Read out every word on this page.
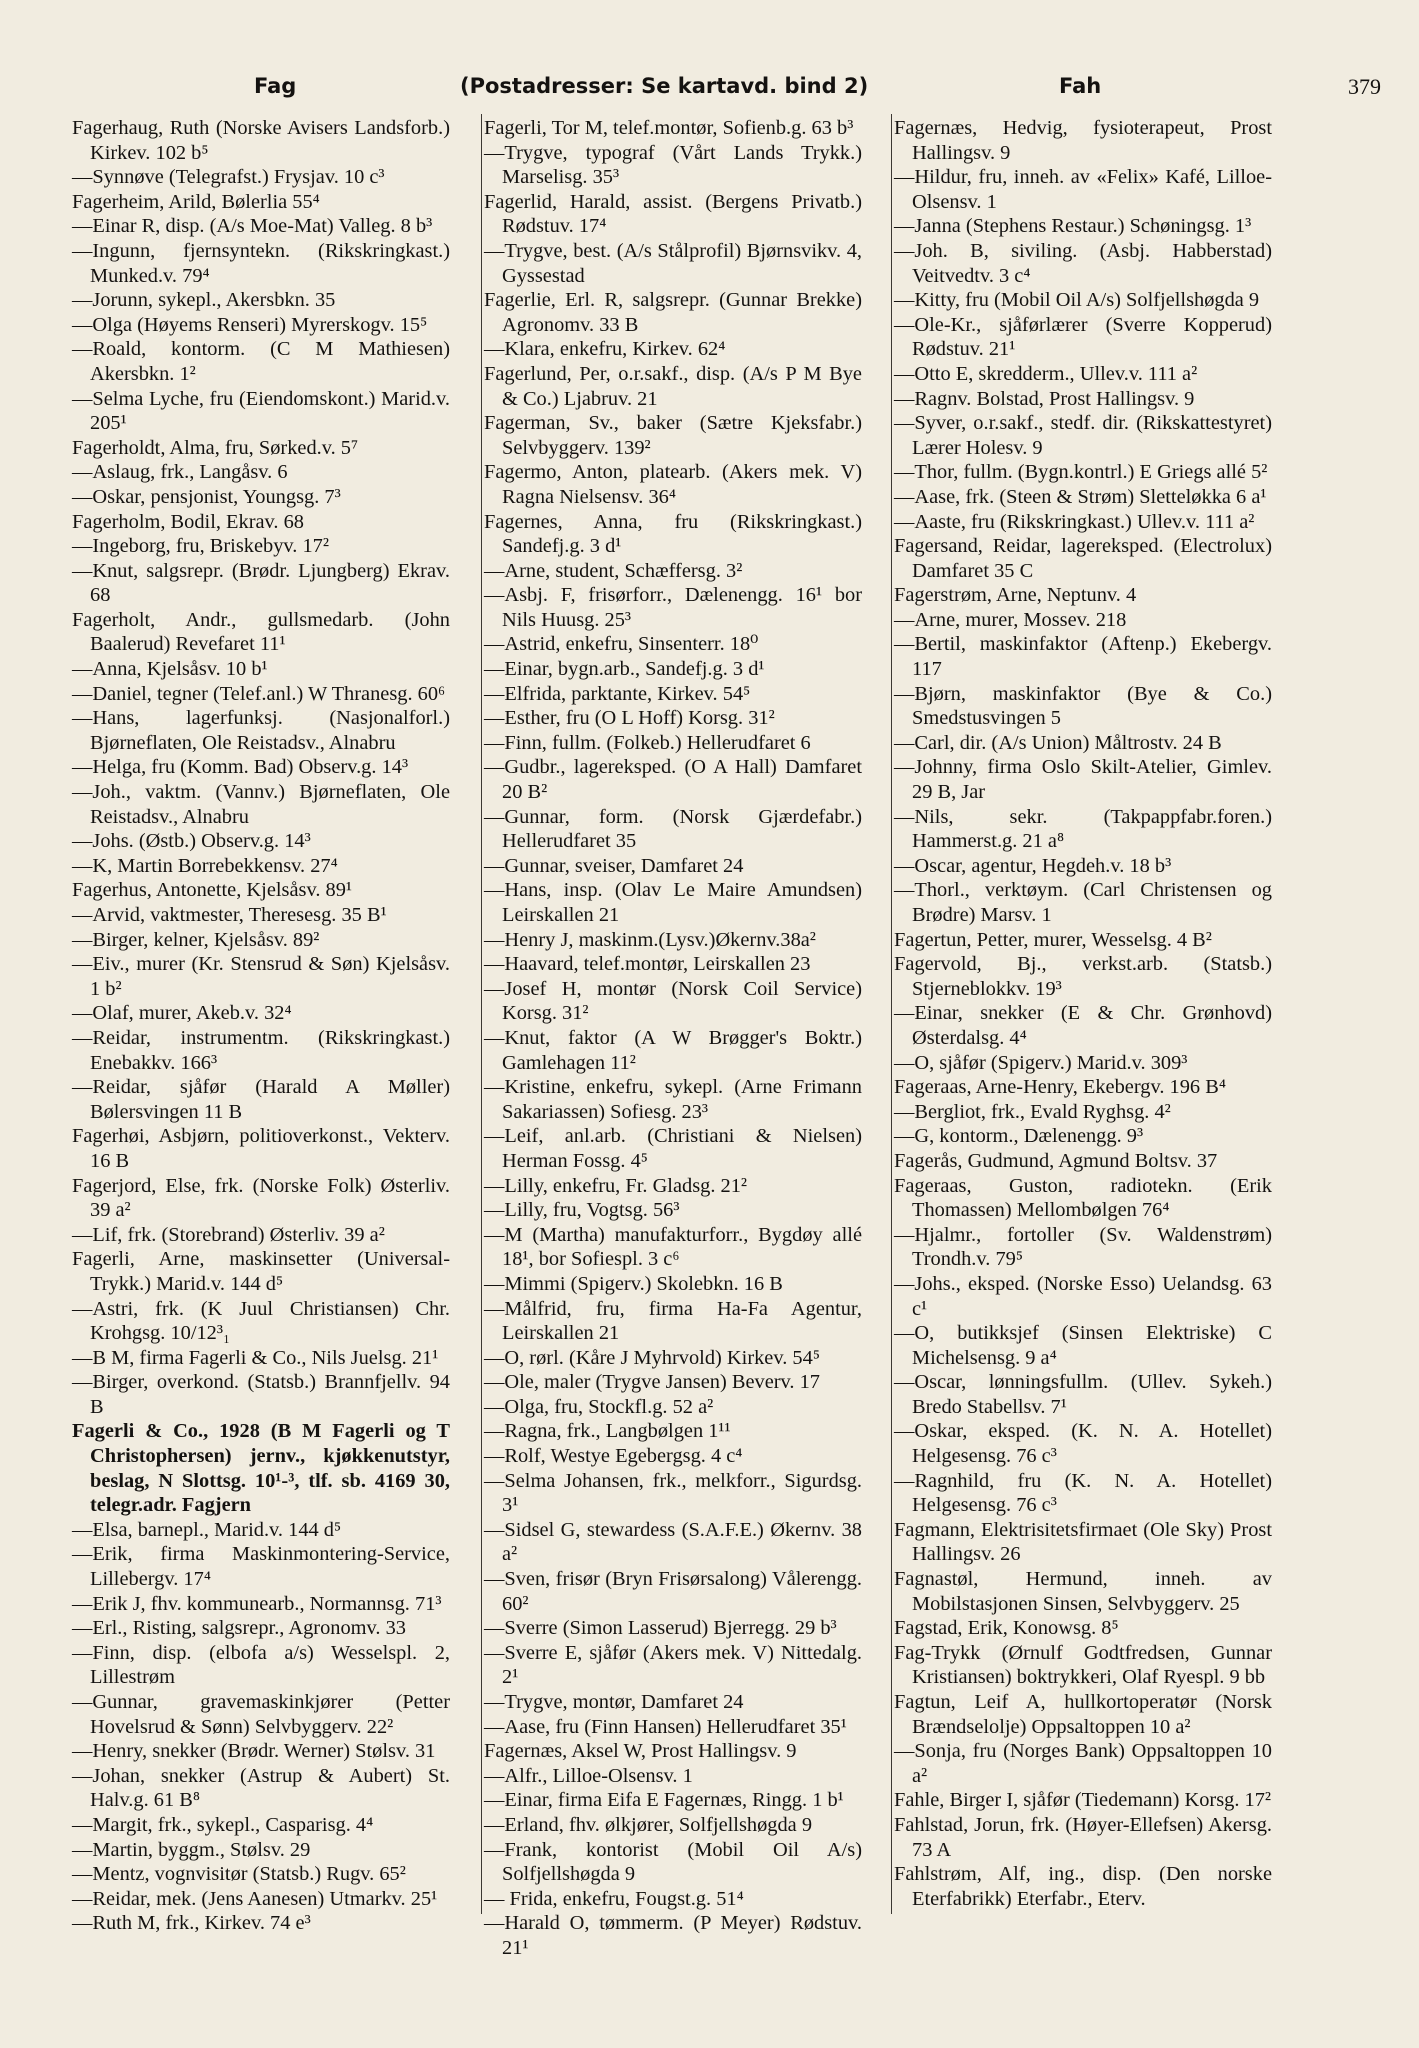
Fag	(Postadresser: Se kartavd. bind 2)	Fah	379
Fagerhaug, Ruth (Norske Avisers Landsforb.) Kirkev. 102 b⁵
—Synnøve (Telegrafst.) Frysjav. 10 c³
Fagerheim, Arild, Bølerlia 55⁴
—Einar R, disp. (A/s Moe-Mat) Valleg. 8 b³
—Ingunn, fjernsyntekn. (Rikskringkast.) Munked.v. 79⁴
—Jorunn, sykepl., Akersbkn. 35
—Olga (Høyems Renseri) Myrerskogv. 15⁵
—Roald, kontorm. (C M Mathiesen) Akersbkn. 1²
—Selma Lyche, fru (Eiendomskont.) Marid.v. 205¹
Fagerholdt, Alma, fru, Sørked.v. 5⁷
—Aslaug, frk., Langåsv. 6
—Oskar, pensjonist, Youngsg. 7³
Fagerholm, Bodil, Ekrav. 68
—Ingeborg, fru, Briskebyv. 17²
—Knut, salgsrepr. (Brødr. Ljungberg) Ekrav. 68
Fagerholt, Andr., gullsmedarb. (John Baalerud) Revefaret 11¹
—Anna, Kjelsåsv. 10 b¹
—Daniel, tegner (Telef.anl.) W Thranesg. 60⁶
—Hans, lagerfunksj. (Nasjonalforl.) Bjørneflaten, Ole Reistadsv., Alnabru
—Helga, fru (Komm. Bad) Observ.g. 14³
—Joh., vaktm. (Vannv.) Bjørneflaten, Ole Reistadsv., Alnabru
—Johs. (Østb.) Observ.g. 14³
—K, Martin Borrebekkensv. 27⁴
Fagerhus, Antonette, Kjelsåsv. 89¹
—Arvid, vaktmester, Theresesg. 35 B¹
—Birger, kelner, Kjelsåsv. 89²
—Eiv., murer (Kr. Stensrud & Søn) Kjelsåsv. 1 b²
—Olaf, murer, Akeb.v. 32⁴
—Reidar, instrumentm. (Rikskringkast.) Enebakkv. 166³
—Reidar, sjåfør (Harald A Møller) Bølersvingen 11 B
Fagerhøi, Asbjørn, politioverkonst., Vekterv. 16 B
Fagerjord, Else, frk. (Norske Folk) Østerliv. 39 a²
—Lif, frk. (Storebrand) Østerliv. 39 a²
Fagerli, Arne, maskinsetter (Universal-Trykk.) Marid.v. 144 d⁵
—Astri, frk. (K Juul Christiansen) Chr. Krohgsg. 10/12³₁
—B M, firma Fagerli & Co., Nils Juelsg. 21¹
—Birger, overkond. (Statsb.) Brannfjellv. 94 B
Fagerli & Co., 1928 (B M Fagerli og T Christophersen) jernv., kjøkkenutstyr, beslag, N Slottsg. 10¹-³, tlf. sb. 4169 30, telegr.adr. Fagjern
—Elsa, barnepl., Marid.v. 144 d⁵
—Erik, firma Maskinmontering-Service, Lillebergv. 17⁴
—Erik J, fhv. kommunearb., Normannsg. 71³
—Erl., Risting, salgsrepr., Agronomv. 33
—Finn, disp. (elbofa a/s) Wesselspl. 2, Lillestrøm
—Gunnar, gravemaskinkjører (Petter Hovelsrud & Sønn) Selvbyggerv. 22²
—Henry, snekker (Brødr. Werner) Stølsv. 31
—Johan, snekker (Astrup & Aubert) St. Halv.g. 61 B⁸
—Margit, frk., sykepl., Casparisg. 4⁴
—Martin, byggm., Stølsv. 29
—Mentz, vognvisitør (Statsb.) Rugv. 65²
—Reidar, mek. (Jens Aanesen) Utmarkv. 25¹
—Ruth M, frk., Kirkev. 74 e³
Fagerli, Tor M, telef.montør, Sofienb.g. 63 b³
—Trygve, typograf (Vårt Lands Trykk.) Marselisg. 35³
Fagerlid, Harald, assist. (Bergens Privatb.) Rødstuv. 17⁴
—Trygve, best. (A/s Stålprofil) Bjørnsvikv. 4, Gyssestad
Fagerlie, Erl. R, salgsrepr. (Gunnar Brekke) Agronomv. 33 B
—Klara, enkefru, Kirkev. 62⁴
Fagerlund, Per, o.r.sakf., disp. (A/s P M Bye & Co.) Ljabruv. 21
Fagerman, Sv., baker (Sætre Kjeksfabr.) Selvbyggerv. 139²
Fagermo, Anton, platearb. (Akers mek. V) Ragna Nielsensv. 36⁴
Fagernes, Anna, fru (Rikskringkast.) Sandefj.g. 3 d¹
—Arne, student, Schæffersg. 3²
—Asbj. F, frisørforr., Dælenengg. 16¹ bor Nils Huusg. 25³
—Astrid, enkefru, Sinsenterr. 18⁰
—Einar, bygn.arb., Sandefj.g. 3 d¹
—Elfrida, parktante, Kirkev. 54⁵
—Esther, fru (O L Hoff) Korsg. 31²
—Finn, fullm. (Folkeb.) Hellerudfaret 6
—Gudbr., lagereksped. (O A Hall) Damfaret 20 B²
—Gunnar, form. (Norsk Gjærdefabr.) Hellerudfaret 35
—Gunnar, sveiser, Damfaret 24
—Hans, insp. (Olav Le Maire Amundsen) Leirskallen 21
—Henry J, maskinm.(Lysv.)Økernv.38a²
—Haavard, telef.montør, Leirskallen 23
—Josef H, montør (Norsk Coil Service) Korsg. 31²
—Knut, faktor (A W Brøgger's Boktr.) Gamlehagen 11²
—Kristine, enkefru, sykepl. (Arne Frimann Sakariassen) Sofiesg. 23³
—Leif, anl.arb. (Christiani & Nielsen) Herman Fossg. 4⁵
—Lilly, enkefru, Fr. Gladsg. 21²
—Lilly, fru, Vogtsg. 56³
—M (Martha) manufakturforr., Bygdøy allé 18¹, bor Sofiespl. 3 c⁶
—Mimmi (Spigerv.) Skolebkn. 16 B
—Målfrid, fru, firma Ha-Fa Agentur, Leirskallen 21
—O, rørl. (Kåre J Myhrvold) Kirkev. 54⁵
—Ole, maler (Trygve Jansen) Beverv. 17
—Olga, fru, Stockfl.g. 52 a²
—Ragna, frk., Langbølgen 1¹¹
—Rolf, Westye Egebergsg. 4 c⁴
—Selma Johansen, frk., melkforr., Sigurdsg. 3¹
—Sidsel G, stewardess (S.A.F.E.) Økernv. 38 a²
—Sven, frisør (Bryn Frisørsalong) Vålerengg. 60²
—Sverre (Simon Lasserud) Bjerregg. 29 b³
—Sverre E, sjåfør (Akers mek. V) Nittedalg. 2¹
—Trygve, montør, Damfaret 24
—Aase, fru (Finn Hansen) Hellerudfaret 35¹
Fagernæs, Aksel W, Prost Hallingsv. 9
—Alfr., Lilloe-Olsensv. 1
—Einar, firma Eifa E Fagernæs, Ringg. 1 b¹
—Erland, fhv. ølkjører, Solfjellshøgda 9
—Frank, kontorist (Mobil Oil A/s) Solfjellshøgda 9
— Frida, enkefru, Fougst.g. 51⁴
—Harald O, tømmerm. (P Meyer) Rødstuv. 21¹
Fagernæs, Hedvig, fysioterapeut, Prost Hallingsv. 9
—Hildur, fru, inneh. av «Felix» Kafé, Lilloe-Olsensv. 1
—Janna (Stephens Restaur.) Schøningsg. 1³
—Joh. B, siviling. (Asbj. Habberstad) Veitvedtv. 3 c⁴
—Kitty, fru (Mobil Oil A/s) Solfjellshøgda 9
—Ole-Kr., sjåførlærer (Sverre Kopperud) Rødstuv. 21¹
—Otto E, skredderm., Ullev.v. 111 a²
—Ragnv. Bolstad, Prost Hallingsv. 9
—Syver, o.r.sakf., stedf. dir. (Rikskattestyret) Lærer Holesv. 9
—Thor, fullm. (Bygn.kontrl.) E Griegs allé 5²
—Aase, frk. (Steen & Strøm) Slettеløkka 6 a¹
—Aaste, fru (Rikskringkast.) Ullev.v. 111 a²
Fagersand, Reidar, lagereksped. (Electrolux) Damfaret 35 C
Fagerstrøm, Arne, Neptunv. 4
—Arne, murer, Mossev. 218
—Bertil, maskinfaktor (Aftenp.) Ekebergv. 117
—Bjørn, maskinfaktor (Bye & Co.) Smedstusvingen 5
—Carl, dir. (A/s Union) Måltrostv. 24 B
—Johnny, firma Oslo Skilt-Atelier, Gimlev. 29 B, Jar
—Nils, sekr. (Takpappfabr.foren.) Hammerst.g. 21 a⁸
—Oscar, agentur, Hegdeh.v. 18 b³
—Thorl., verktøym. (Carl Christensen og Brødre) Marsv. 1
Fagertun, Petter, murer, Wesselsg. 4 B²
Fagervold, Bj., verkst.arb. (Statsb.) Stjerneblokkv. 19³
—Einar, snekker (E & Chr. Grønhovd) Østerdalsg. 4⁴
—O, sjåfør (Spigerv.) Marid.v. 309³
Fageraas, Arne-Henry, Ekebergv. 196 B⁴
—Bergliot, frk., Evald Ryghsg. 4²
—G, kontorm., Dælenengg. 9³
Fagerås, Gudmund, Agmund Boltsv. 37
Fageraas, Guston, radiotekn. (Erik Thomassen) Mellombølgen 76⁴
—Hjalmr., fortoller (Sv. Waldenstrøm) Trondh.v. 79⁵
—Johs., eksped. (Norske Esso) Uelandsg. 63 c¹
—O, butikksjef (Sinsen Elektriske) C Michelsensg. 9 a⁴
—Oscar, lønningsfullm. (Ullev. Sykeh.) Bredo Stabellsv. 7¹
—Oskar, eksped. (K. N. A. Hotellet) Helgesensg. 76 c³
—Ragnhild, fru (K. N. A. Hotellet) Helgesensg. 76 c³
Fagmann, Elektrisitetsfirmaet (Ole Sky) Prost Hallingsv. 26
Fagnastøl, Hermund, inneh. av Mobilstasjonen Sinsen, Selvbyggerv. 25
Fagstad, Erik, Konowsg. 8⁵
Fag-Trykk (Ørnulf Godtfredsen, Gunnar Kristiansen) boktrykkeri, Olaf Ryespl. 9 bb
Fagtun, Leif A, hullkortoperatør (Norsk Brændselolje) Oppsaltoppen 10 a²
—Sonja, fru (Norges Bank) Oppsaltoppen 10 a²
Fahle, Birger I, sjåfør (Tiedemann) Korsg. 17²
Fahlstad, Jorun, frk. (Høyer-Ellefsen) Akersg. 73 A
Fahlstrøm, Alf, ing., disp. (Den norske Eterfabrikk) Eterfabr., Eterv.
